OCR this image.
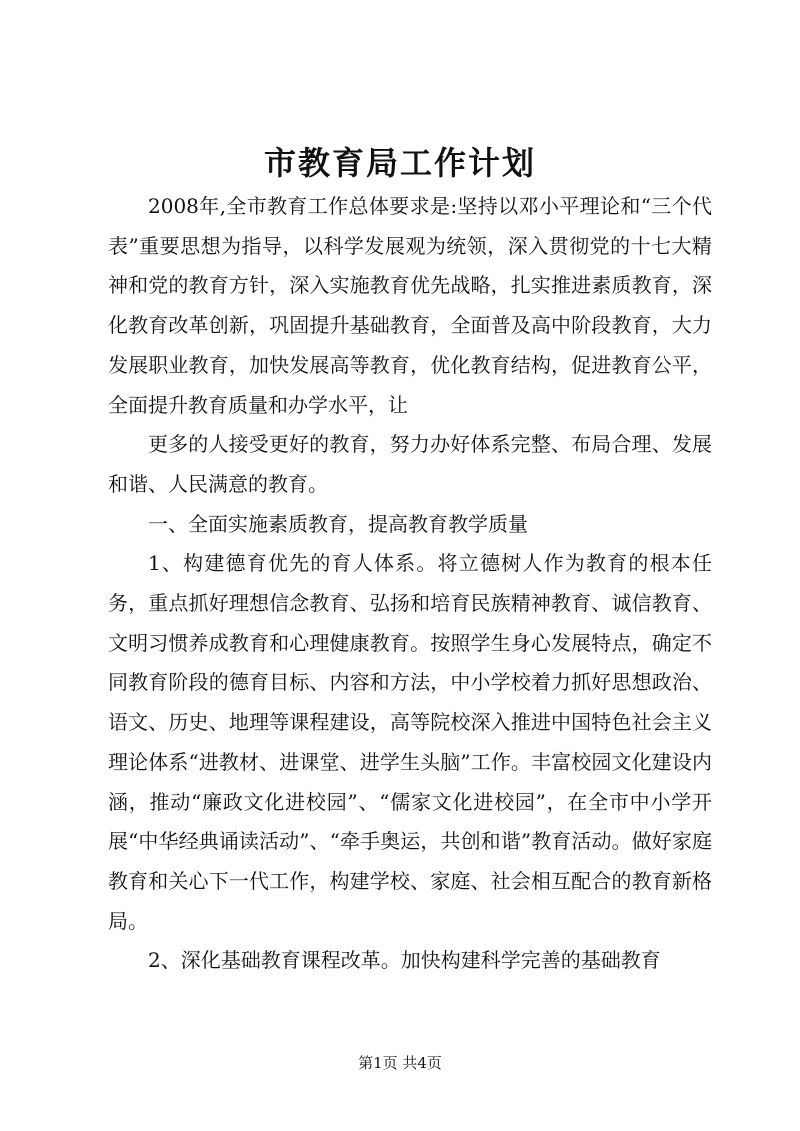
市教育局工作计划

2008年,全市教育工作总体要求是:坚持以邓小平理论和“三个代表”重要思想为指导，以科学发展观为统领，深入贯彻党的十七大精神和党的教育方针，深入实施教育优先战略，扎实推进素质教育，深化教育改革创新，巩固提升基础教育，全面普及高中阶段教育，大力发展职业教育，加快发展高等教育，优化教育结构，促进教育公平，全面提升教育质量和办学水平，让

更多的人接受更好的教育，努力办好体系完整、布局合理、发展和谐、人民满意的教育。

一、全面实施素质教育，提高教育教学质量

1、构建德育优先的育人体系。将立德树人作为教育的根本任务，重点抓好理想信念教育、弘扬和培育民族精神教育、诚信教育、文明习惯养成教育和心理健康教育。按照学生身心发展特点，确定不同教育阶段的德育目标、内容和方法，中小学校着力抓好思想政治、语文、历史、地理等课程建设，高等院校深入推进中国特色社会主义理论体系“进教材、进课堂、进学生头脑”工作。丰富校园文化建设内涵，推动“廉政文化进校园”、“儒家文化进校园”，在全市中小学开展“中华经典诵读活动”、“牵手奥运，共创和谐”教育活动。做好家庭教育和关心下一代工作，构建学校、家庭、社会相互配合的教育新格局。

2、深化基础教育课程改革。加快构建科学完善的基础教育

第1页 共4页
